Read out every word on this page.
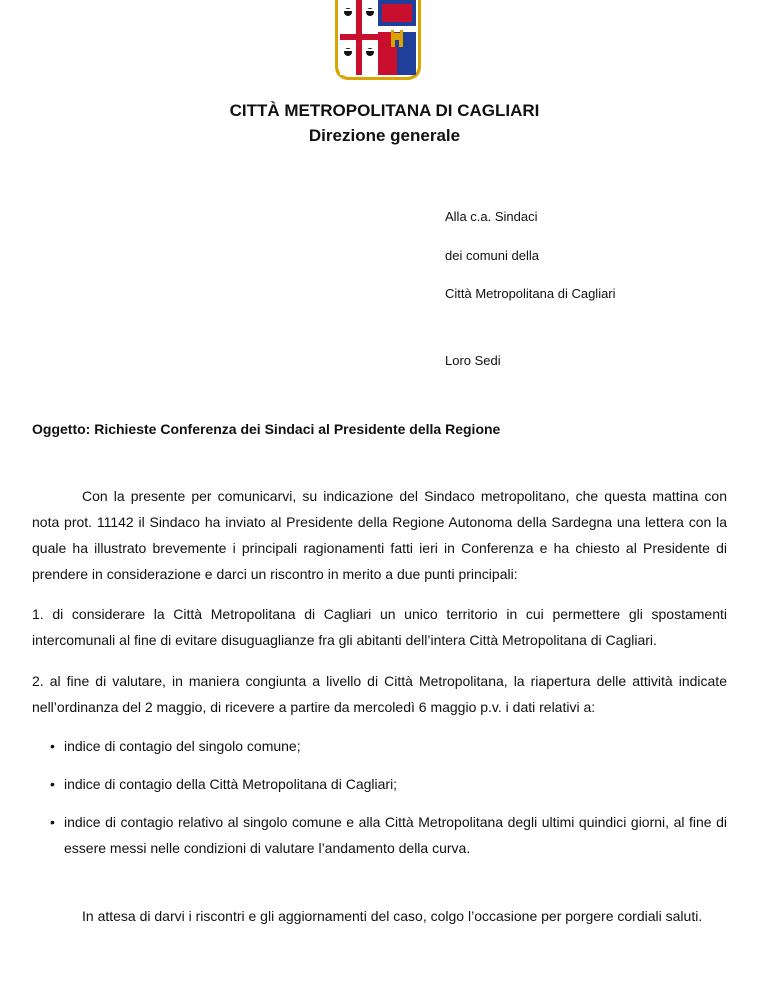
CITTÀ METROPOLITANA DI CAGLIARI
Direzione generale
Alla c.a. Sindaci
dei comuni della
Città Metropolitana di Cagliari
Loro Sedi
Oggetto: Richieste Conferenza dei Sindaci al Presidente della Regione

Con la presente per comunicarvi, su indicazione del Sindaco metropolitano, che questa mattina con nota prot. 11142 il Sindaco ha inviato al Presidente della Regione Autonoma della Sardegna una lettera con la quale ha illustrato brevemente i principali ragionamenti fatti ieri in Conferenza e ha chiesto al Presidente di prendere in considerazione e darci un riscontro in merito a due punti principali:

1. di considerare la Città Metropolitana di Cagliari un unico territorio in cui permettere gli spostamenti intercomunali al fine di evitare disuguaglianze fra gli abitanti dell’intera Città Metropolitana di Cagliari.

2. al fine di valutare, in maniera congiunta a livello di Città Metropolitana, la riapertura delle attività indicate nell’ordinanza del 2 maggio, di ricevere a partire da mercoledì 6 maggio p.v. i dati relativi a:

• indice di contagio del singolo comune;
• indice di contagio della Città Metropolitana di Cagliari;
• indice di contagio relativo al singolo comune e alla Città Metropolitana degli ultimi quindici giorni, al fine di essere messi nelle condizioni di valutare l’andamento della curva.
In attesa di darvi i riscontri e gli aggiornamenti del caso, colgo l’occasione per porgere cordiali saluti.
